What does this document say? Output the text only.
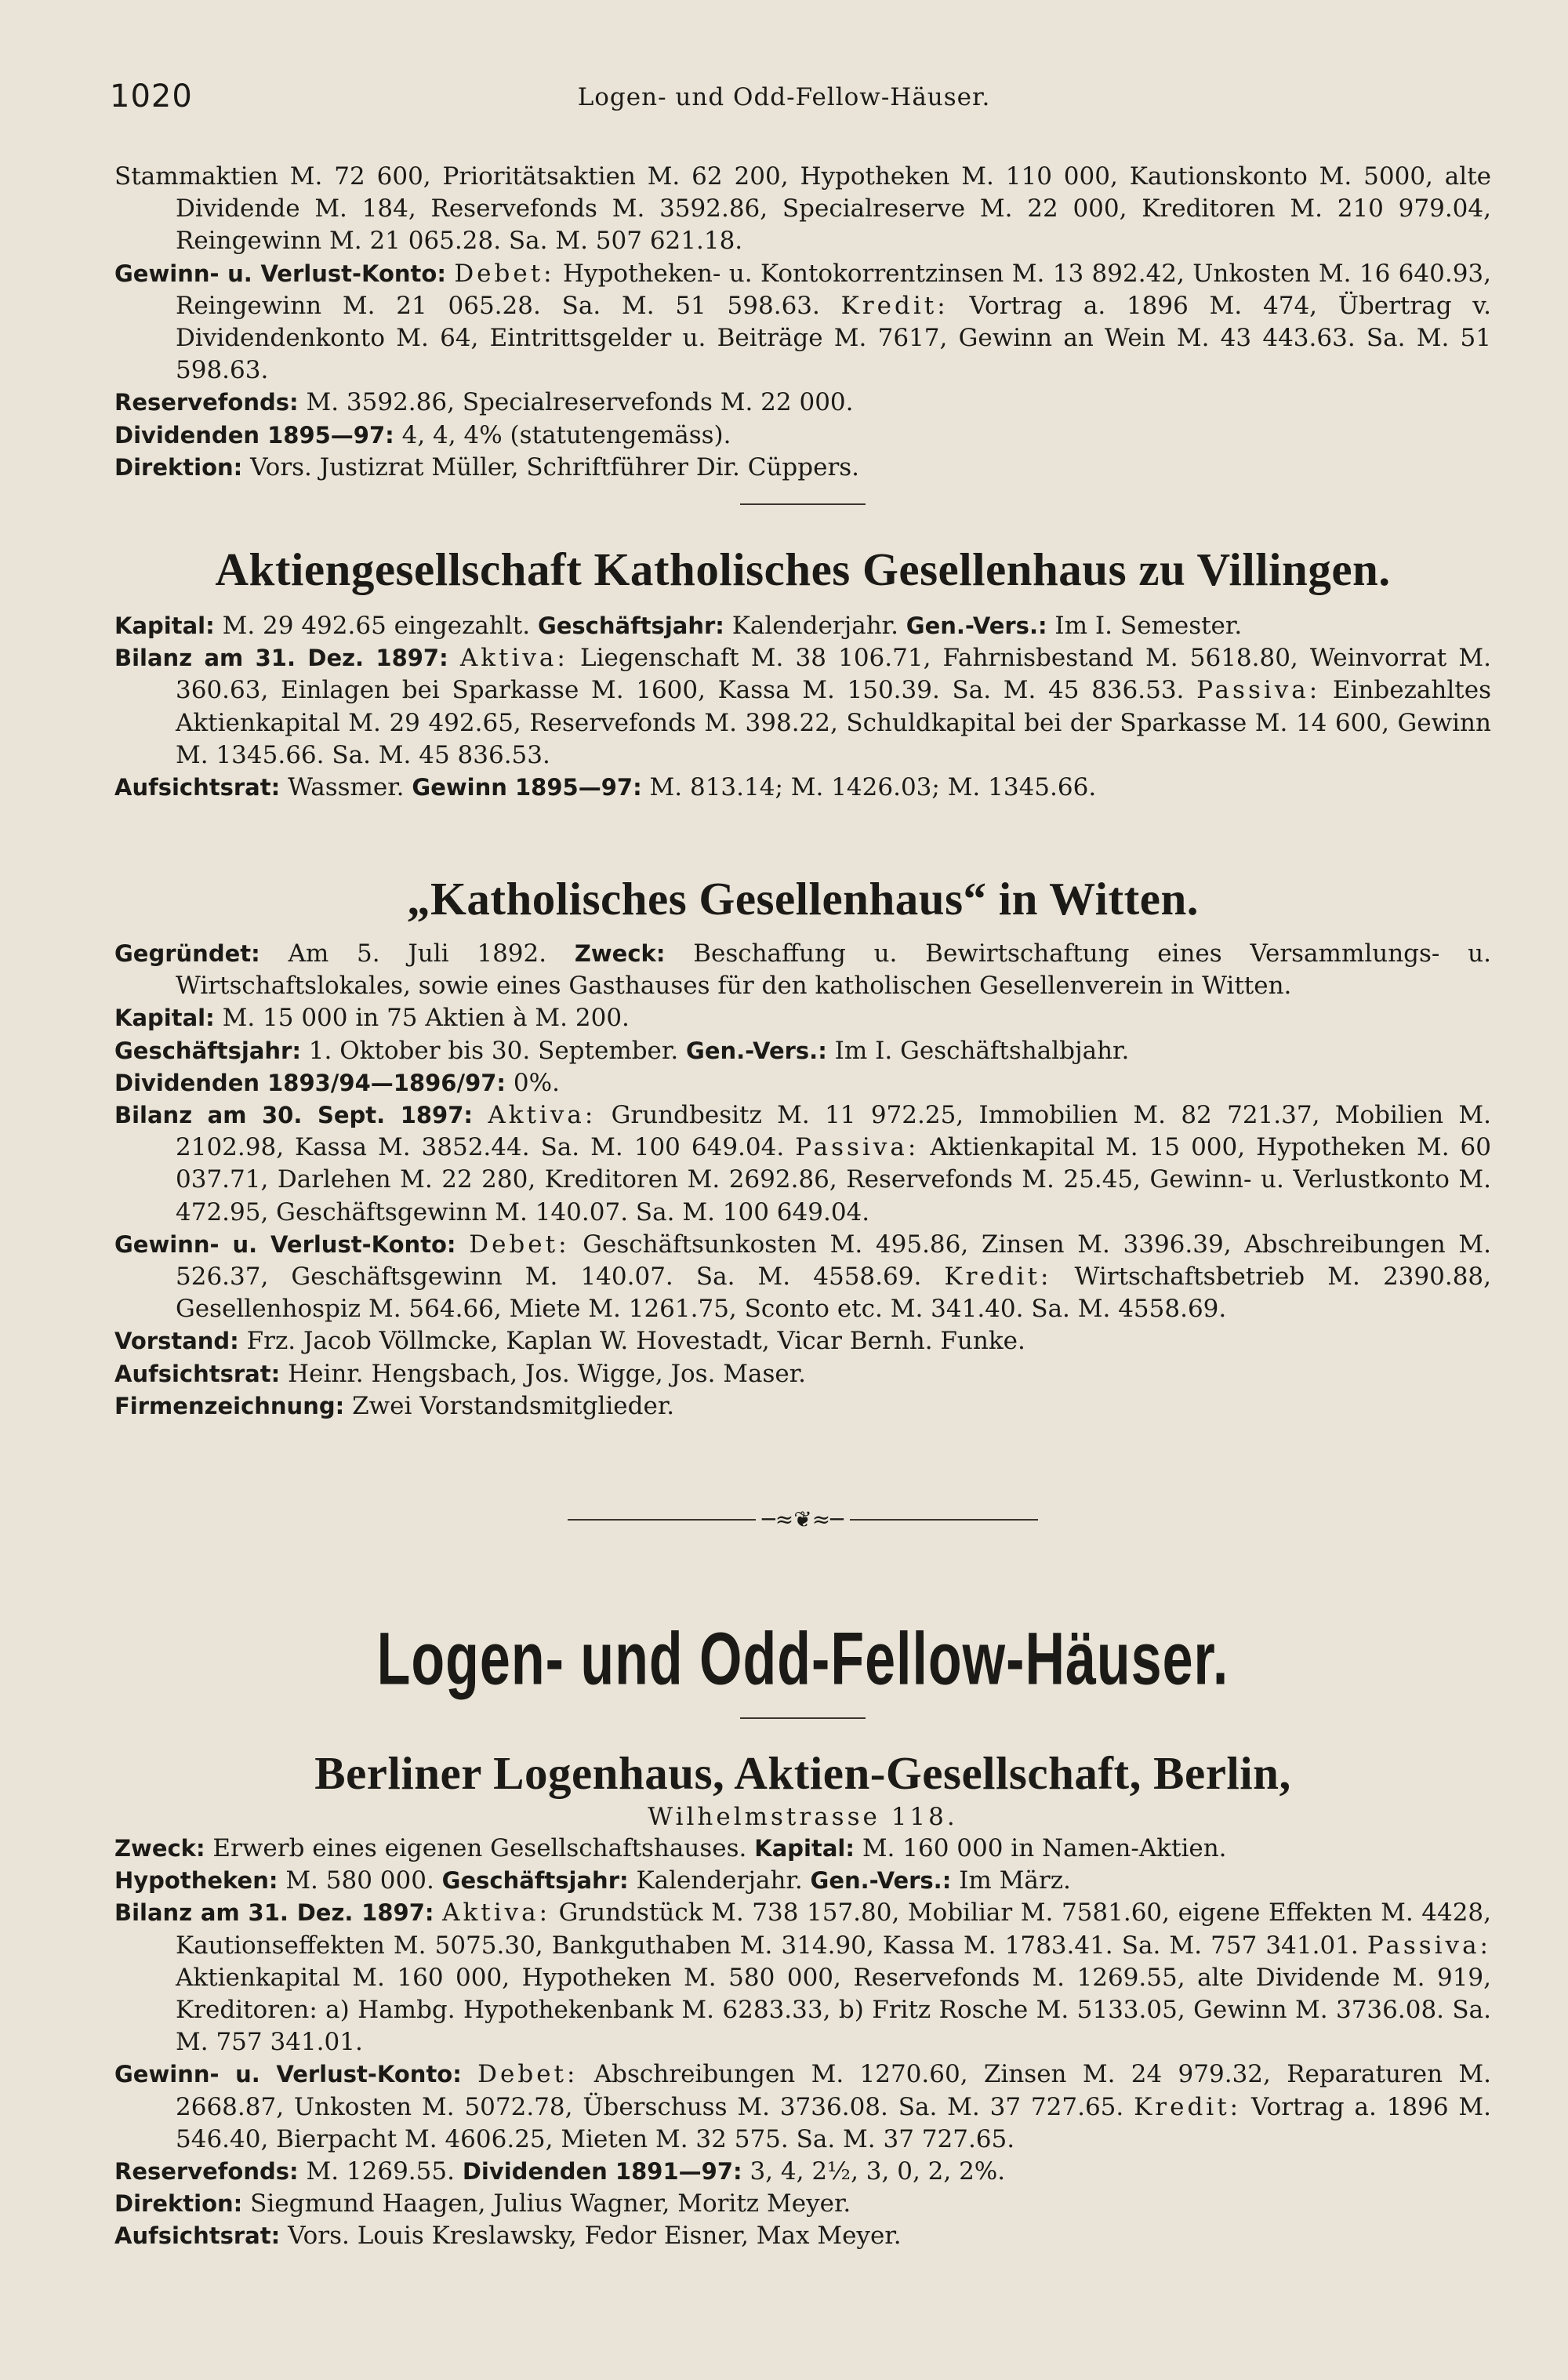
1020	Logen- und Odd-Fellow-Häuser.

Stammaktien M. 72 600, Prioritätsaktien M. 62 200, Hypotheken M. 110 000, Kautionskonto M. 5000, alte Dividende M. 184, Reservefonds M. 3592.86, Specialreserve M. 22 000, Kreditoren M. 210 979.04, Reingewinn M. 21 065.28. Sa. M. 507 621.18.

Gewinn- u. Verlust-Konto: Debet: Hypotheken- u. Kontokorrentzinsen M. 13 892.42, Unkosten M. 16 640.93, Reingewinn M. 21 065.28. Sa. M. 51 598.63. Kredit: Vortrag a. 1896 M. 474, Übertrag v. Dividendenkonto M. 64, Eintrittsgelder u. Beiträge M. 7617, Gewinn an Wein M. 43 443.63. Sa. M. 51 598.63.

Reservefonds: M. 3592.86, Specialreservefonds M. 22 000.

Dividenden 1895—97: 4, 4, 4% (statutengemäss).

Direktion: Vors. Justizrat Müller, Schriftführer Dir. Cüppers.

Aktiengesellschaft Katholisches Gesellenhaus zu Villingen.

Kapital: M. 29 492.65 eingezahlt. Geschäftsjahr: Kalenderjahr. Gen.-Vers.: Im I. Semester.

Bilanz am 31. Dez. 1897: Aktiva: Liegenschaft M. 38 106.71, Fahrnisbestand M. 5618.80, Weinvorrat M. 360.63, Einlagen bei Sparkasse M. 1600, Kassa M. 150.39. Sa. M. 45 836.53. Passiva: Einbezahltes Aktienkapital M. 29 492.65, Reservefonds M. 398.22, Schuldkapital bei der Sparkasse M. 14 600, Gewinn M. 1345.66. Sa. M. 45 836.53.

Aufsichtsrat: Wassmer. Gewinn 1895—97: M. 813.14; M. 1426.03; M. 1345.66.

„Katholisches Gesellenhaus“ in Witten.

Gegründet: Am 5. Juli 1892. Zweck: Beschaffung u. Bewirtschaftung eines Versammlungs- u. Wirtschaftslokales, sowie eines Gasthauses für den katholischen Gesellenverein in Witten.

Kapital: M. 15 000 in 75 Aktien à M. 200.

Geschäftsjahr: 1. Oktober bis 30. September. Gen.-Vers.: Im I. Geschäftshalbjahr.

Dividenden 1893/94—1896/97: 0%.

Bilanz am 30. Sept. 1897: Aktiva: Grundbesitz M. 11 972.25, Immobilien M. 82 721.37, Mobilien M. 2102.98, Kassa M. 3852.44. Sa. M. 100 649.04. Passiva: Aktienkapital M. 15 000, Hypotheken M. 60 037.71, Darlehen M. 22 280, Kreditoren M. 2692.86, Reservefonds M. 25.45, Gewinn- u. Verlustkonto M. 472.95, Geschäftsgewinn M. 140.07. Sa. M. 100 649.04.

Gewinn- u. Verlust-Konto: Debet: Geschäftsunkosten M. 495.86, Zinsen M. 3396.39, Abschreibungen M. 526.37, Geschäftsgewinn M. 140.07. Sa. M. 4558.69. Kredit: Wirtschaftsbetrieb M. 2390.88, Gesellenhospiz M. 564.66, Miete M. 1261.75, Sconto etc. M. 341.40. Sa. M. 4558.69.

Vorstand: Frz. Jacob Völlmcke, Kaplan W. Hovestadt, Vicar Bernh. Funke.

Aufsichtsrat: Heinr. Hengsbach, Jos. Wigge, Jos. Maser.

Firmenzeichnung: Zwei Vorstandsmitglieder.

─≈❦≈─
Logen- und Odd-Fellow-Häuser.
Berliner Logenhaus, Aktien-Gesellschaft, Berlin,
Wilhelmstrasse 118.

Zweck: Erwerb eines eigenen Gesellschaftshauses. Kapital: M. 160 000 in Namen-Aktien.

Hypotheken: M. 580 000. Geschäftsjahr: Kalenderjahr. Gen.-Vers.: Im März.

Bilanz am 31. Dez. 1897: Aktiva: Grundstück M. 738 157.80, Mobiliar M. 7581.60, eigene Effekten M. 4428, Kautionseffekten M. 5075.30, Bankguthaben M. 314.90, Kassa M. 1783.41. Sa. M. 757 341.01. Passiva: Aktienkapital M. 160 000, Hypotheken M. 580 000, Reservefonds M. 1269.55, alte Dividende M. 919, Kreditoren: a) Hambg. Hypothekenbank M. 6283.33, b) Fritz Rosche M. 5133.05, Gewinn M. 3736.08. Sa. M. 757 341.01.

Gewinn- u. Verlust-Konto: Debet: Abschreibungen M. 1270.60, Zinsen M. 24 979.32, Reparaturen M. 2668.87, Unkosten M. 5072.78, Überschuss M. 3736.08. Sa. M. 37 727.65. Kredit: Vortrag a. 1896 M. 546.40, Bierpacht M. 4606.25, Mieten M. 32 575. Sa. M. 37 727.65.

Reservefonds: M. 1269.55. Dividenden 1891—97: 3, 4, 2½, 3, 0, 2, 2%.

Direktion: Siegmund Haagen, Julius Wagner, Moritz Meyer.

Aufsichtsrat: Vors. Louis Kreslawsky, Fedor Eisner, Max Meyer.
